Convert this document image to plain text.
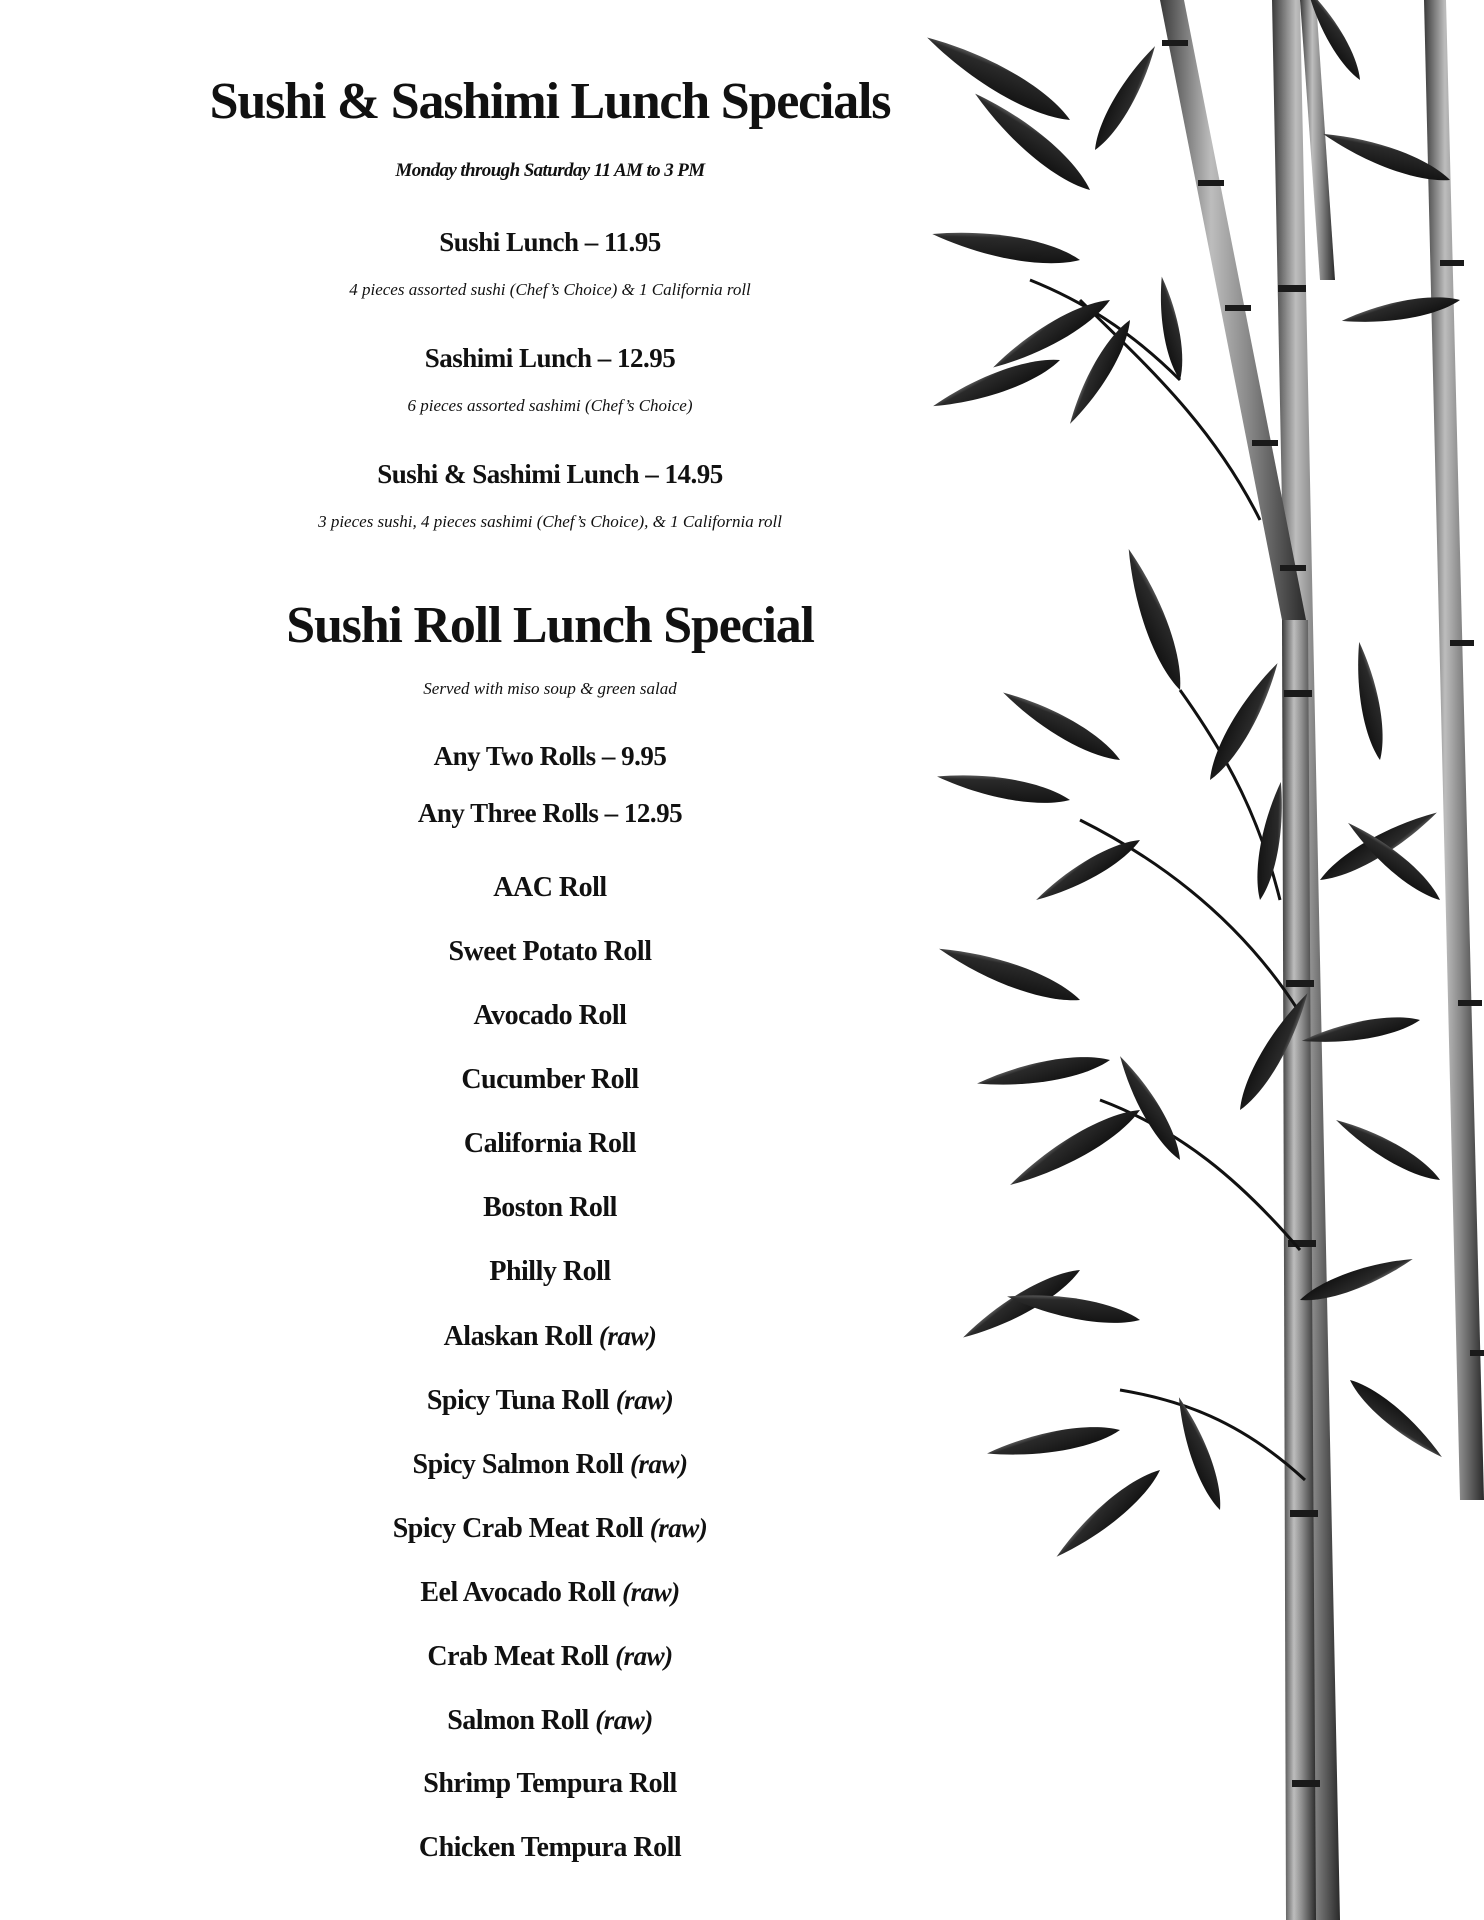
Sushi & Sashimi Lunch Specials
Monday through Saturday 11 AM to 3 PM
Sushi Lunch – 11.95
4 pieces assorted sushi (Chef’s Choice) & 1 California roll
Sashimi Lunch – 12.95
6 pieces assorted sashimi (Chef’s Choice)
Sushi & Sashimi Lunch – 14.95
3 pieces sushi, 4 pieces sashimi (Chef’s Choice), & 1 California roll
Sushi Roll Lunch Special
Served with miso soup & green salad
Any Two Rolls – 9.95
Any Three Rolls – 12.95
AAC Roll
Sweet Potato Roll
Avocado Roll
Cucumber Roll
California Roll
Boston Roll
Philly Roll
Alaskan Roll (raw)
Spicy Tuna Roll (raw)
Spicy Salmon Roll (raw)
Spicy Crab Meat Roll (raw)
Eel Avocado Roll (raw)
Crab Meat Roll (raw)
Salmon Roll (raw)
Shrimp Tempura Roll
Chicken Tempura Roll
